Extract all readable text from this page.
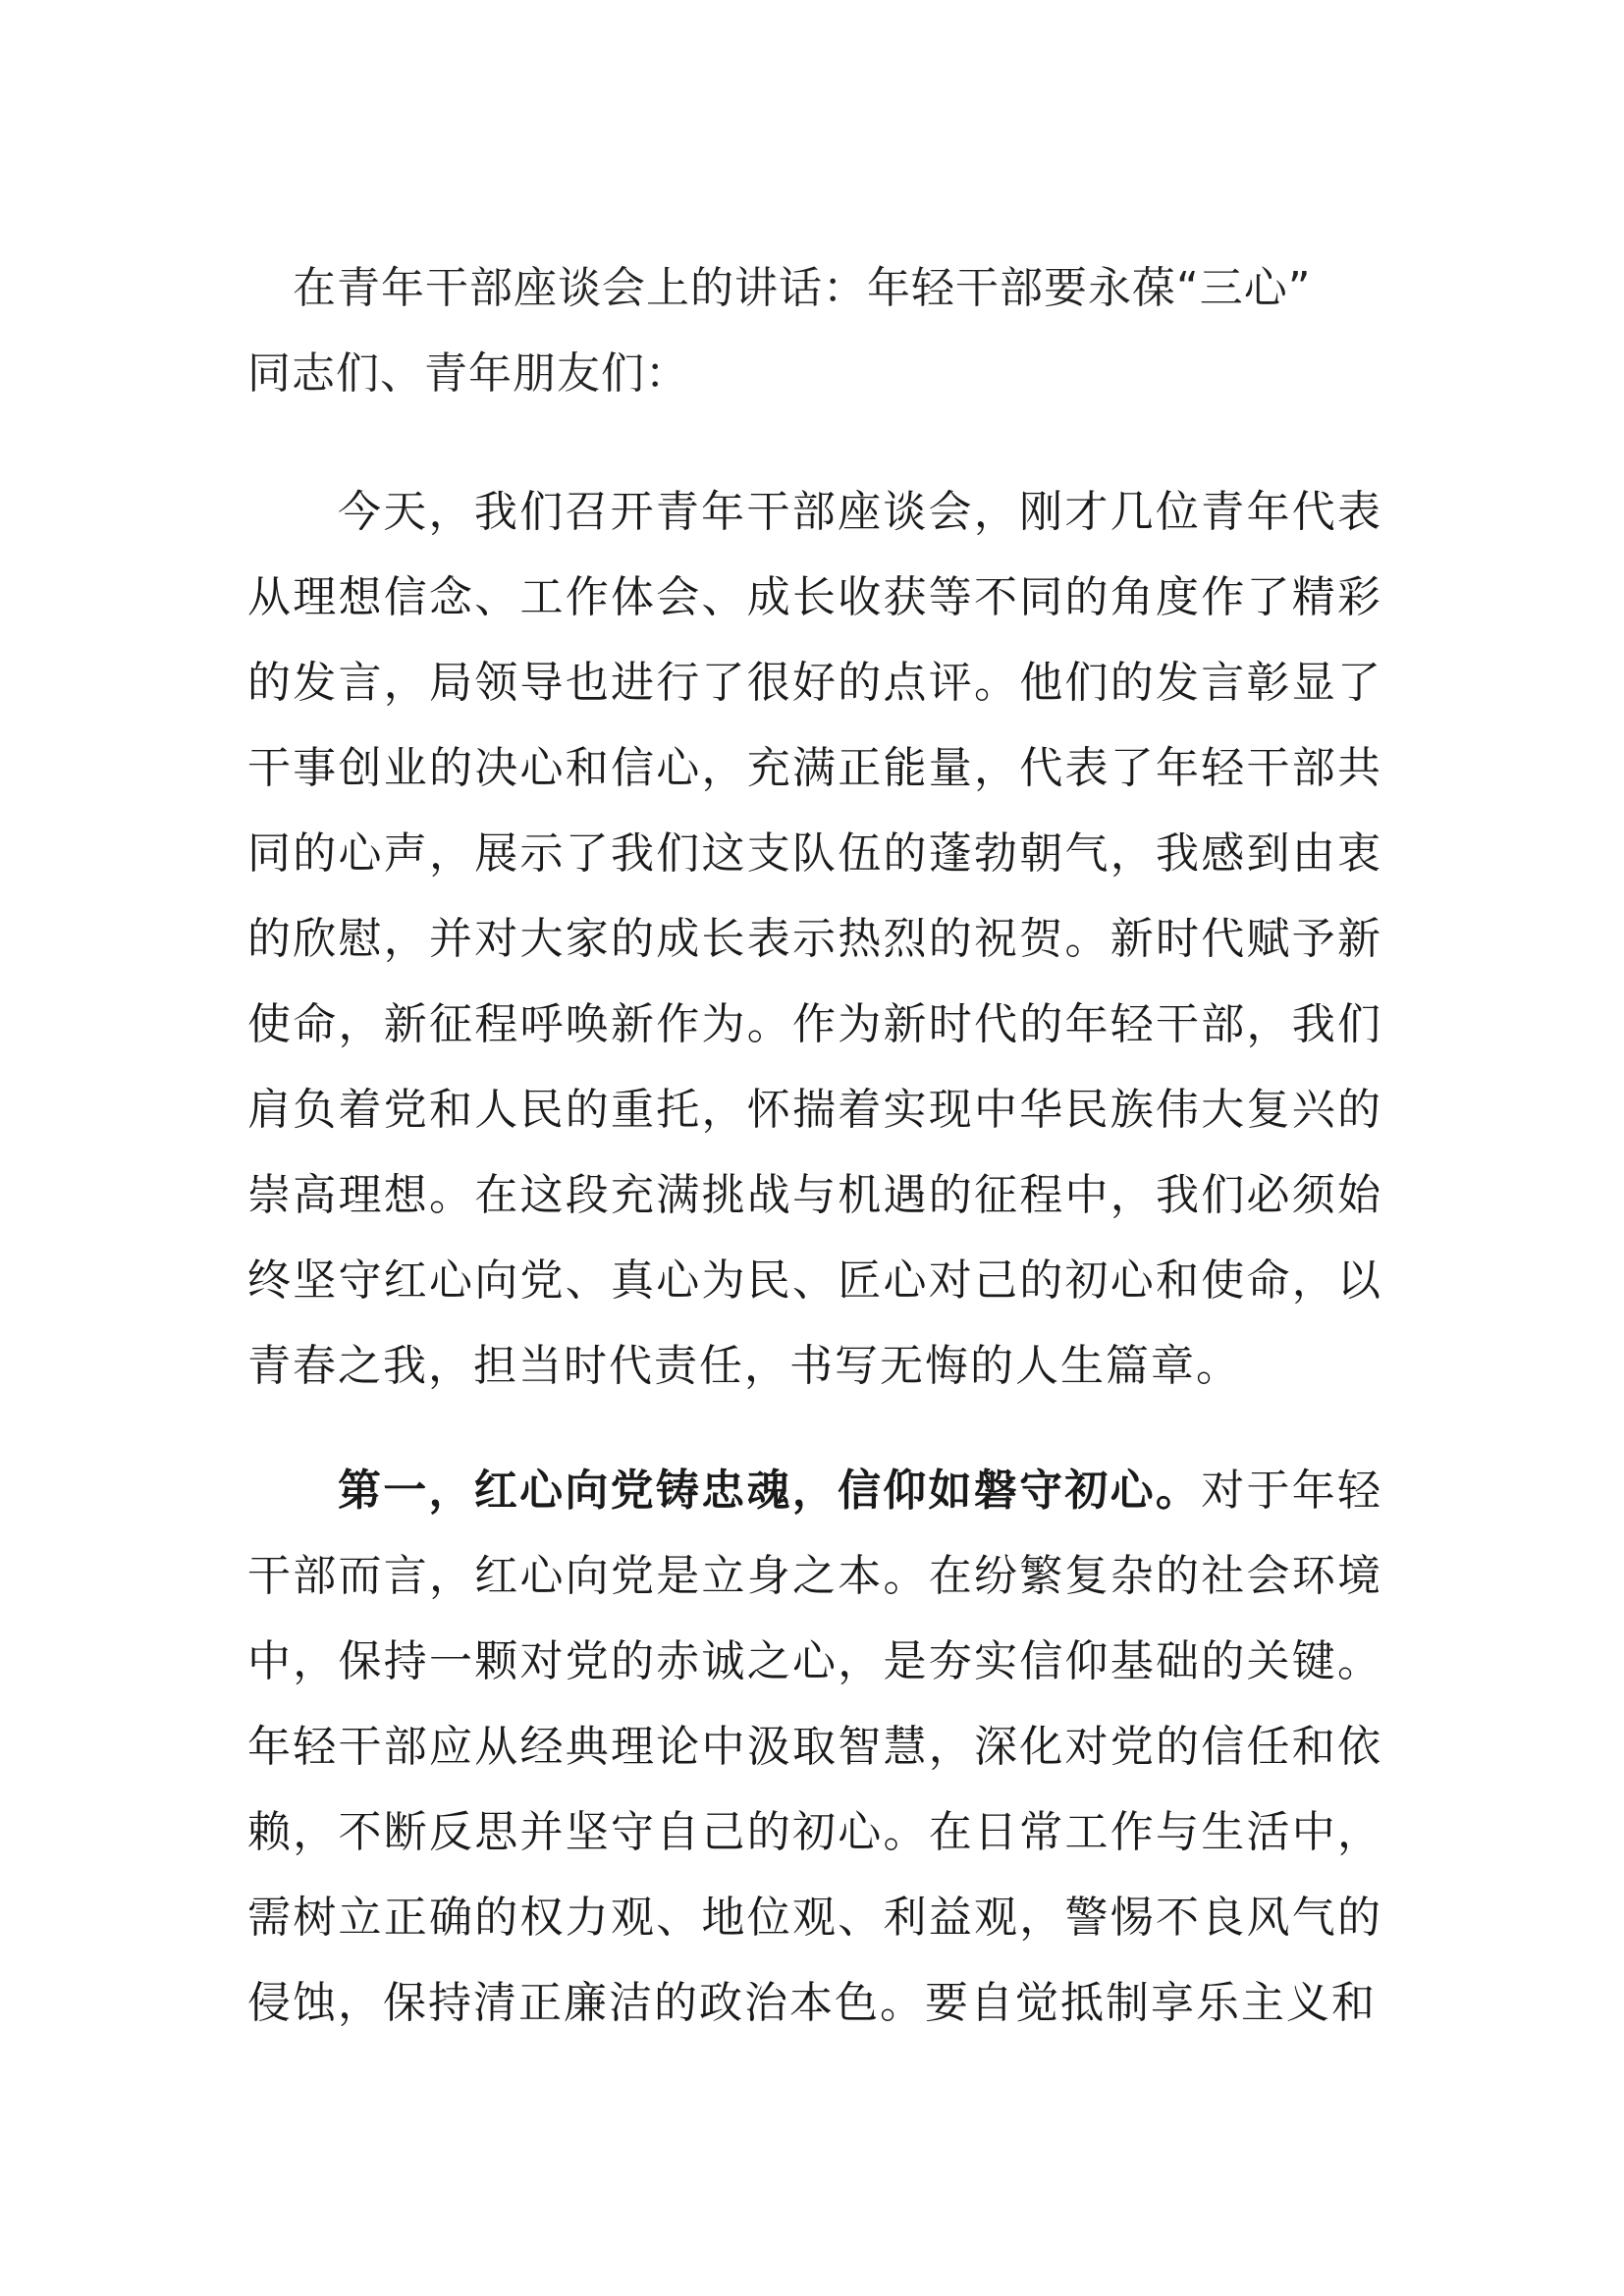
在青年干部座谈会上的讲话：年轻干部要永葆“三心”
同志们、青年朋友们：

今天，我们召开青年干部座谈会，刚才几位青年代表从理想信念、工作体会、成长收获等不同的角度作了精彩的发言，局领导也进行了很好的点评。他们的发言彰显了干事创业的决心和信心，充满正能量，代表了年轻干部共同的心声，展示了我们这支队伍的蓬勃朝气，我感到由衷的欣慰，并对大家的成长表示热烈的祝贺。新时代赋予新使命，新征程呼唤新作为。作为新时代的年轻干部，我们肩负着党和人民的重托，怀揣着实现中华民族伟大复兴的崇高理想。在这段充满挑战与机遇的征程中，我们必须始终坚守红心向党、真心为民、匠心对己的初心和使命，以青春之我，担当时代责任，书写无悔的人生篇章。

第一，红心向党铸忠魂，信仰如磐守初心。对于年轻干部而言，红心向党是立身之本。在纷繁复杂的社会环境中，保持一颗对党的赤诚之心，是夯实信仰基础的关键。年轻干部应从经典理论中汲取智慧，深化对党的信任和依赖，不断反思并坚守自己的初心。在日常工作与生活中，需树立正确的权力观、地位观、利益观，警惕不良风气的侵蚀，保持清正廉洁的政治本色。要自觉抵制享乐主义和
